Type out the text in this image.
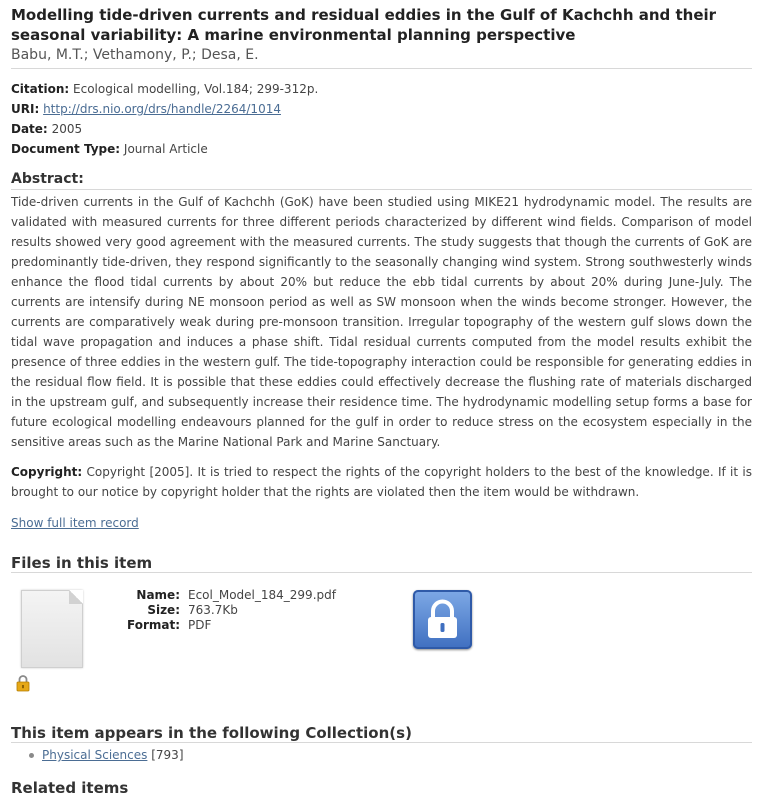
Modelling tide-driven currents and residual eddies in the Gulf of Kachchh and their seasonal variability: A marine environmental planning perspective
Babu, M.T.; Vethamony, P.; Desa, E.
Citation: Ecological modelling, Vol.184; 299-312p.
URI: http://drs.nio.org/drs/handle/2264/1014
Date: 2005
Document Type: Journal Article
Abstract:

Tide-driven currents in the Gulf of Kachchh (GoK) have been studied using MIKE21 hydrodynamic model. The results are validated with measured currents for three different periods characterized by different wind fields. Comparison of model results showed very good agreement with the measured currents. The study suggests that though the currents of GoK are predominantly tide-driven, they respond significantly to the seasonally changing wind system. Strong southwesterly winds enhance the flood tidal currents by about 20% but reduce the ebb tidal currents by about 20% during June-July. The currents are intensify during NE monsoon period as well as SW monsoon when the winds become stronger. However, the currents are comparatively weak during pre-monsoon transition. Irregular topography of the western gulf slows down the tidal wave propagation and induces a phase shift. Tidal residual currents computed from the model results exhibit the presence of three eddies in the western gulf. The tide-topography interaction could be responsible for generating eddies in the residual flow field. It is possible that these eddies could effectively decrease the flushing rate of materials discharged in the upstream gulf, and subsequently increase their residence time. The hydrodynamic modelling setup forms a base for future ecological modelling endeavours planned for the gulf in order to reduce stress on the ecosystem especially in the sensitive areas such as the Marine National Park and Marine Sanctuary.

Copyright: Copyright [2005]. It is tried to respect the rights of the copyright holders to the best of the knowledge. If it is brought to our notice by copyright holder that the rights are violated then the item would be withdrawn.

Show full item record
Files in this item
Name: Ecol_Model_184_299.pdf
Size: 763.7Kb
Format: PDF
This item appears in the following Collection(s)
Physical Sciences [793]
Related items
